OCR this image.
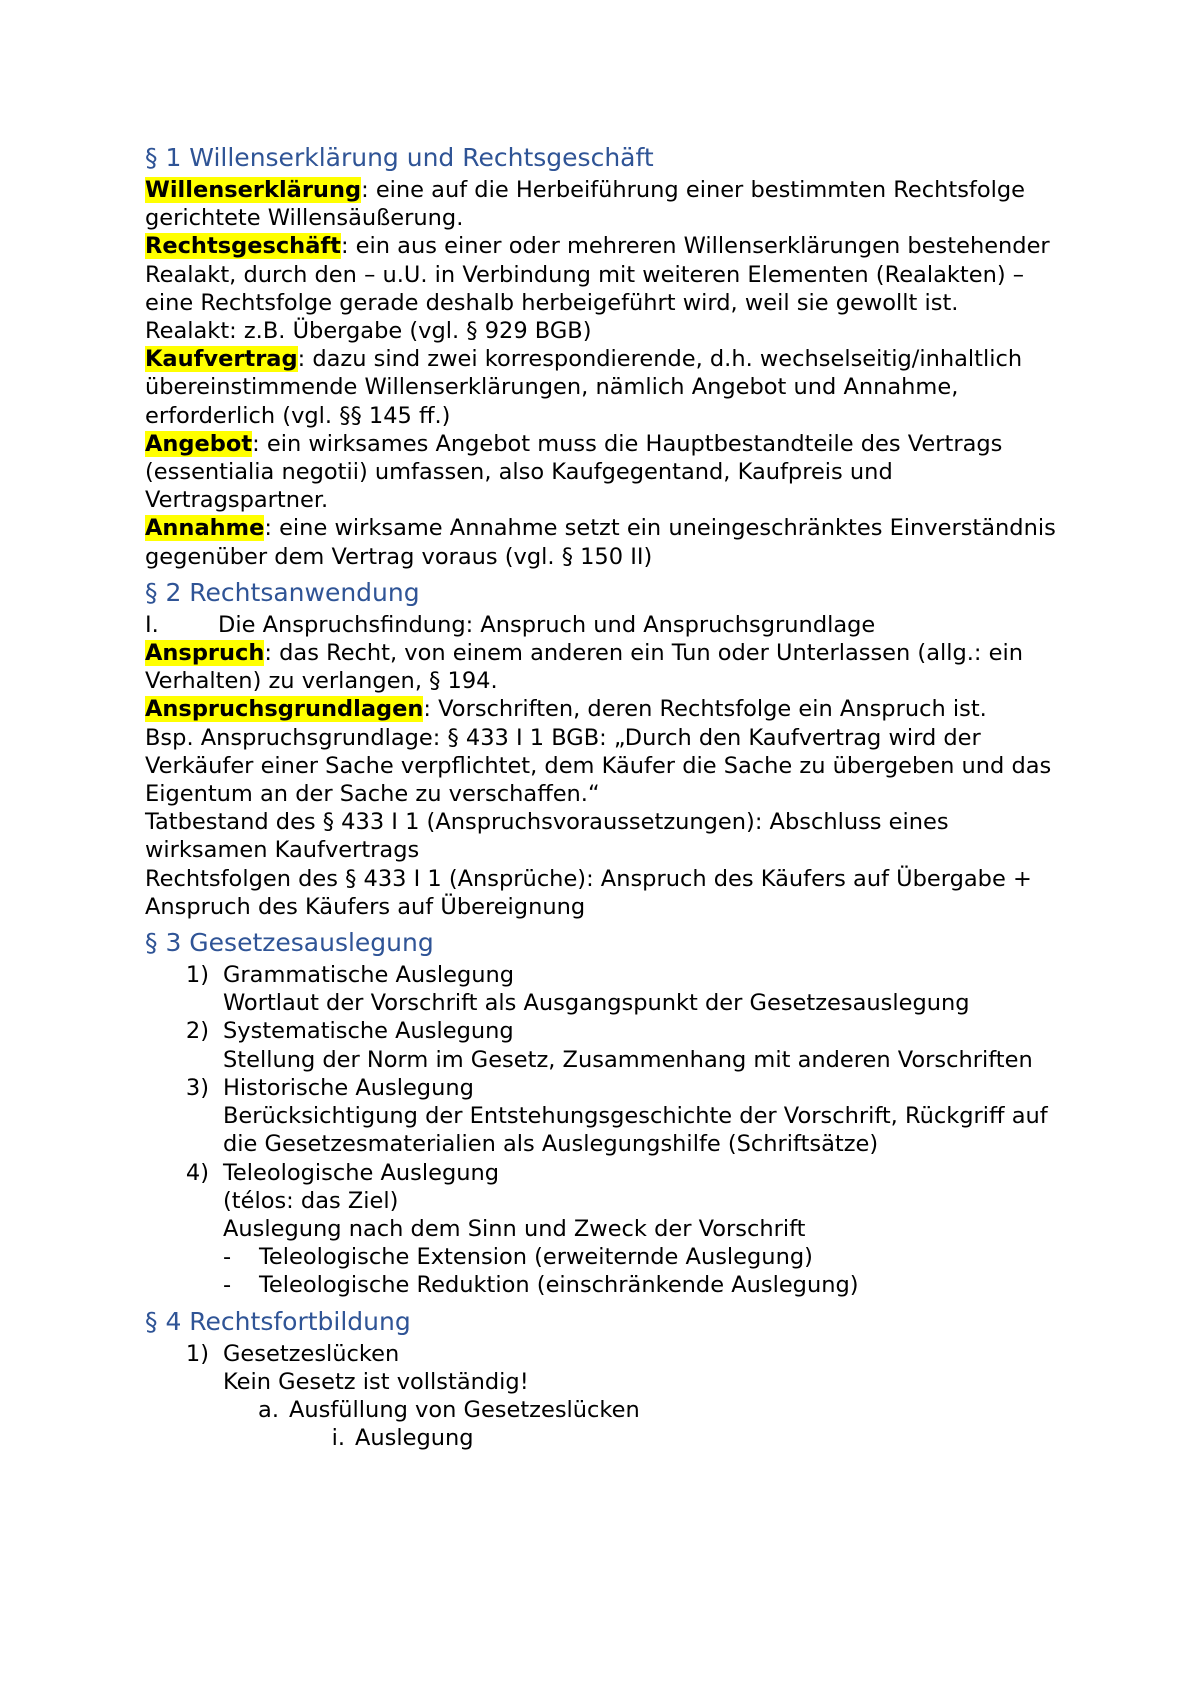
§ 1 Willenserklärung und Rechtsgeschäft

Willenserklärung: eine auf die Herbeiführung einer bestimmten Rechtsfolge gerichtete Willensäußerung.

Rechtsgeschäft: ein aus einer oder mehreren Willenserklärungen bestehender Realakt, durch den – u.U. in Verbindung mit weiteren Elementen (Realakten) – eine Rechtsfolge gerade deshalb herbeigeführt wird, weil sie gewollt ist.

Realakt: z.B. Übergabe (vgl. § 929 BGB)

Kaufvertrag: dazu sind zwei korrespondierende, d.h. wechselseitig/inhaltlich übereinstimmende Willenserklärungen, nämlich Angebot und Annahme, erforderlich (vgl. §§ 145 ff.)

Angebot: ein wirksames Angebot muss die Hauptbestandteile des Vertrags (essentialia negotii) umfassen, also Kaufgegentand, Kaufpreis und Vertragspartner.

Annahme: eine wirksame Annahme setzt ein uneingeschränktes Einverständnis gegenüber dem Vertrag voraus (vgl. § 150 II)

§ 2 Rechtsanwendung
I.	Die Anspruchsfindung: Anspruch und Anspruchsgrundlage

Anspruch: das Recht, von einem anderen ein Tun oder Unterlassen (allg.: ein Verhalten) zu verlangen, § 194.

Anspruchsgrundlagen: Vorschriften, deren Rechtsfolge ein Anspruch ist.

Bsp. Anspruchsgrundlage: § 433 I 1 BGB: „Durch den Kaufvertrag wird der Verkäufer einer Sache verpflichtet, dem Käufer die Sache zu übergeben und das Eigentum an der Sache zu verschaffen.“

Tatbestand des § 433 I 1 (Anspruchsvoraussetzungen): Abschluss eines wirksamen Kaufvertrags

Rechtsfolgen des § 433 I 1 (Ansprüche): Anspruch des Käufers auf Übergabe + Anspruch des Käufers auf Übereignung

§ 3 Gesetzesauslegung
1) Grammatische Auslegung
Wortlaut der Vorschrift als Ausgangspunkt der Gesetzesauslegung
2) Systematische Auslegung
Stellung der Norm im Gesetz, Zusammenhang mit anderen Vorschriften
3) Historische Auslegung
Berücksichtigung der Entstehungsgeschichte der Vorschrift, Rückgriff auf die Gesetzesmaterialien als Auslegungshilfe (Schriftsätze)
4) Teleologische Auslegung
(télos: das Ziel)
Auslegung nach dem Sinn und Zweck der Vorschrift
-	Teleologische Extension (erweiternde Auslegung)
-	Teleologische Reduktion (einschränkende Auslegung)
§ 4 Rechtsfortbildung
1) Gesetzeslücken
Kein Gesetz ist vollständig!
a. Ausfüllung von Gesetzeslücken
i. Auslegung
